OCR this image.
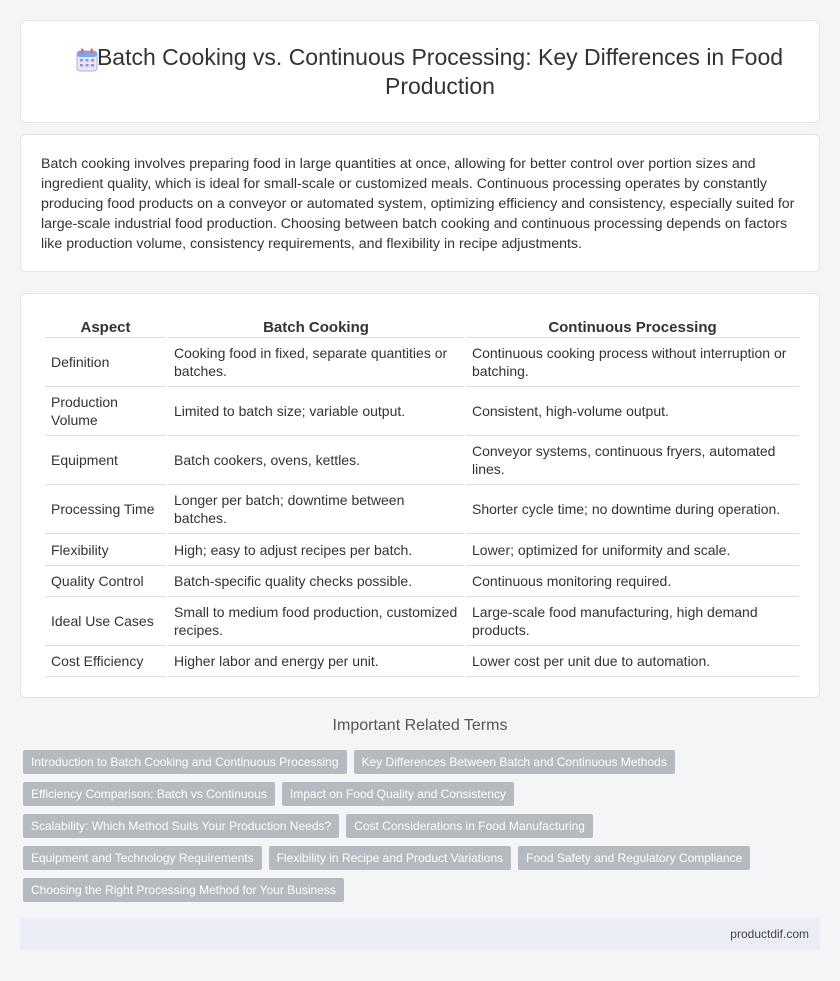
Batch Cooking vs. Continuous Processing: Key Differences in Food Production

Batch cooking involves preparing food in large quantities at once, allowing for better control over portion sizes and ingredient quality, which is ideal for small-scale or customized meals. Continuous processing operates by constantly producing food products on a conveyor or automated system, optimizing efficiency and consistency, especially suited for large-scale industrial food production. Choosing between batch cooking and continuous processing depends on factors like production volume, consistency requirements, and flexibility in recipe adjustments.

Aspect	Batch Cooking	Continuous Processing
Definition	Cooking food in fixed, separate quantities or batches.	Continuous cooking process without interruption or batching.
Production Volume	Limited to batch size; variable output.	Consistent, high-volume output.
Equipment	Batch cookers, ovens, kettles.	Conveyor systems, continuous fryers, automated lines.
Processing Time	Longer per batch; downtime between batches.	Shorter cycle time; no downtime during operation.
Flexibility	High; easy to adjust recipes per batch.	Lower; optimized for uniformity and scale.
Quality Control	Batch-specific quality checks possible.	Continuous monitoring required.
Ideal Use Cases	Small to medium food production, customized recipes.	Large-scale food manufacturing, high demand products.
Cost Efficiency	Higher labor and energy per unit.	Lower cost per unit due to automation.
Important Related Terms
Introduction to Batch Cooking and Continuous Processing	Key Differences Between Batch and Continuous Methods
Efficiency Comparison: Batch vs Continuous	Impact on Food Quality and Consistency
Scalability: Which Method Suits Your Production Needs?	Cost Considerations in Food Manufacturing
Equipment and Technology Requirements	Flexibility in Recipe and Product Variations	Food Safety and Regulatory Compliance
Choosing the Right Processing Method for Your Business
productdif.com
